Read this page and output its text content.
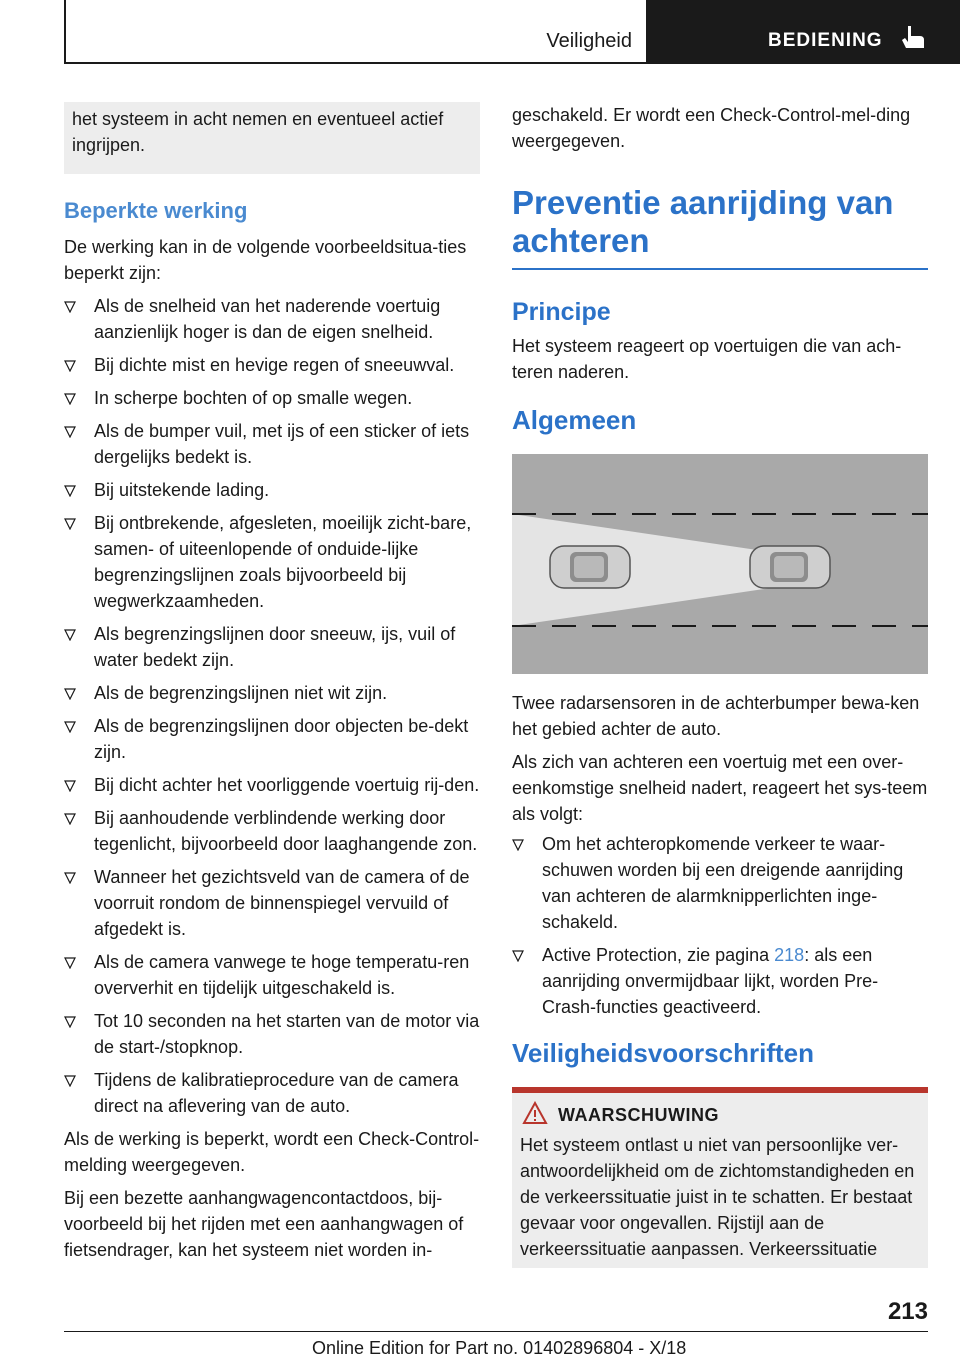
Veiligheid	BEDIENING

het systeem in acht nemen en eventueel actief ingrijpen.

Beperkte werking

De werking kan in de volgende voorbeeldsitua-ties beperkt zijn:

Als de snelheid van het naderende voertuig aanzienlijk hoger is dan de eigen snelheid.
Bij dichte mist en hevige regen of sneeuwval.
In scherpe bochten of op smalle wegen.
Als de bumper vuil, met ijs of een sticker of iets dergelijks bedekt is.
Bij uitstekende lading.
Bij ontbrekende, afgesleten, moeilijk zicht-bare, samen- of uiteenlopende of onduide-lijke begrenzingslijnen zoals bijvoorbeeld bij wegwerkzaamheden.
Als begrenzingslijnen door sneeuw, ijs, vuil of water bedekt zijn.
Als de begrenzingslijnen niet wit zijn.
Als de begrenzingslijnen door objecten be-dekt zijn.
Bij dicht achter het voorliggende voertuig rij-den.
Bij aanhoudende verblindende werking door tegenlicht, bijvoorbeeld door laaghangende zon.
Wanneer het gezichtsveld van de camera of de voorruit rondom de binnenspiegel vervuild of afgedekt is.
Als de camera vanwege te hoge temperatu-ren oververhit en tijdelijk uitgeschakeld is.
Tot 10 seconden na het starten van de motor via de start-/stopknop.
Tijdens de kalibratieprocedure van de camera direct na aflevering van de auto.

Als de werking is beperkt, wordt een Check-Control-melding weergegeven.

Bij een bezette aanhangwagencontactdoos, bij-voorbeeld bij het rijden met een aanhangwagen of fietsendrager, kan het systeem niet worden in-

geschakeld. Er wordt een Check-Control-mel-ding weergegeven.

Preventie aanrijding van achteren
Principe

Het systeem reageert op voertuigen die van ach-teren naderen.

Algemeen

Twee radarsensoren in de achterbumper bewa-ken het gebied achter de auto.

Als zich van achteren een voertuig met een over-eenkomstige snelheid nadert, reageert het sys-teem als volgt:

Om het achteropkomende verkeer te waar-schuwen worden bij een dreigende aanrijding van achteren de alarmknipperlichten inge-schakeld.
Active Protection, zie pagina 218: als een aanrijding onvermijdbaar lijkt, worden Pre-Crash-functies geactiveerd.
Veiligheidsvoorschriften
WAARSCHUWING

Het systeem ontlast u niet van persoonlijke ver-antwoordelijkheid om de zichtomstandigheden en de verkeerssituatie juist in te schatten. Er bestaat gevaar voor ongevallen. Rijstijl aan de verkeerssituatie aanpassen. Verkeerssituatie

213
Online Edition for Part no. 01402896804 - X/18
